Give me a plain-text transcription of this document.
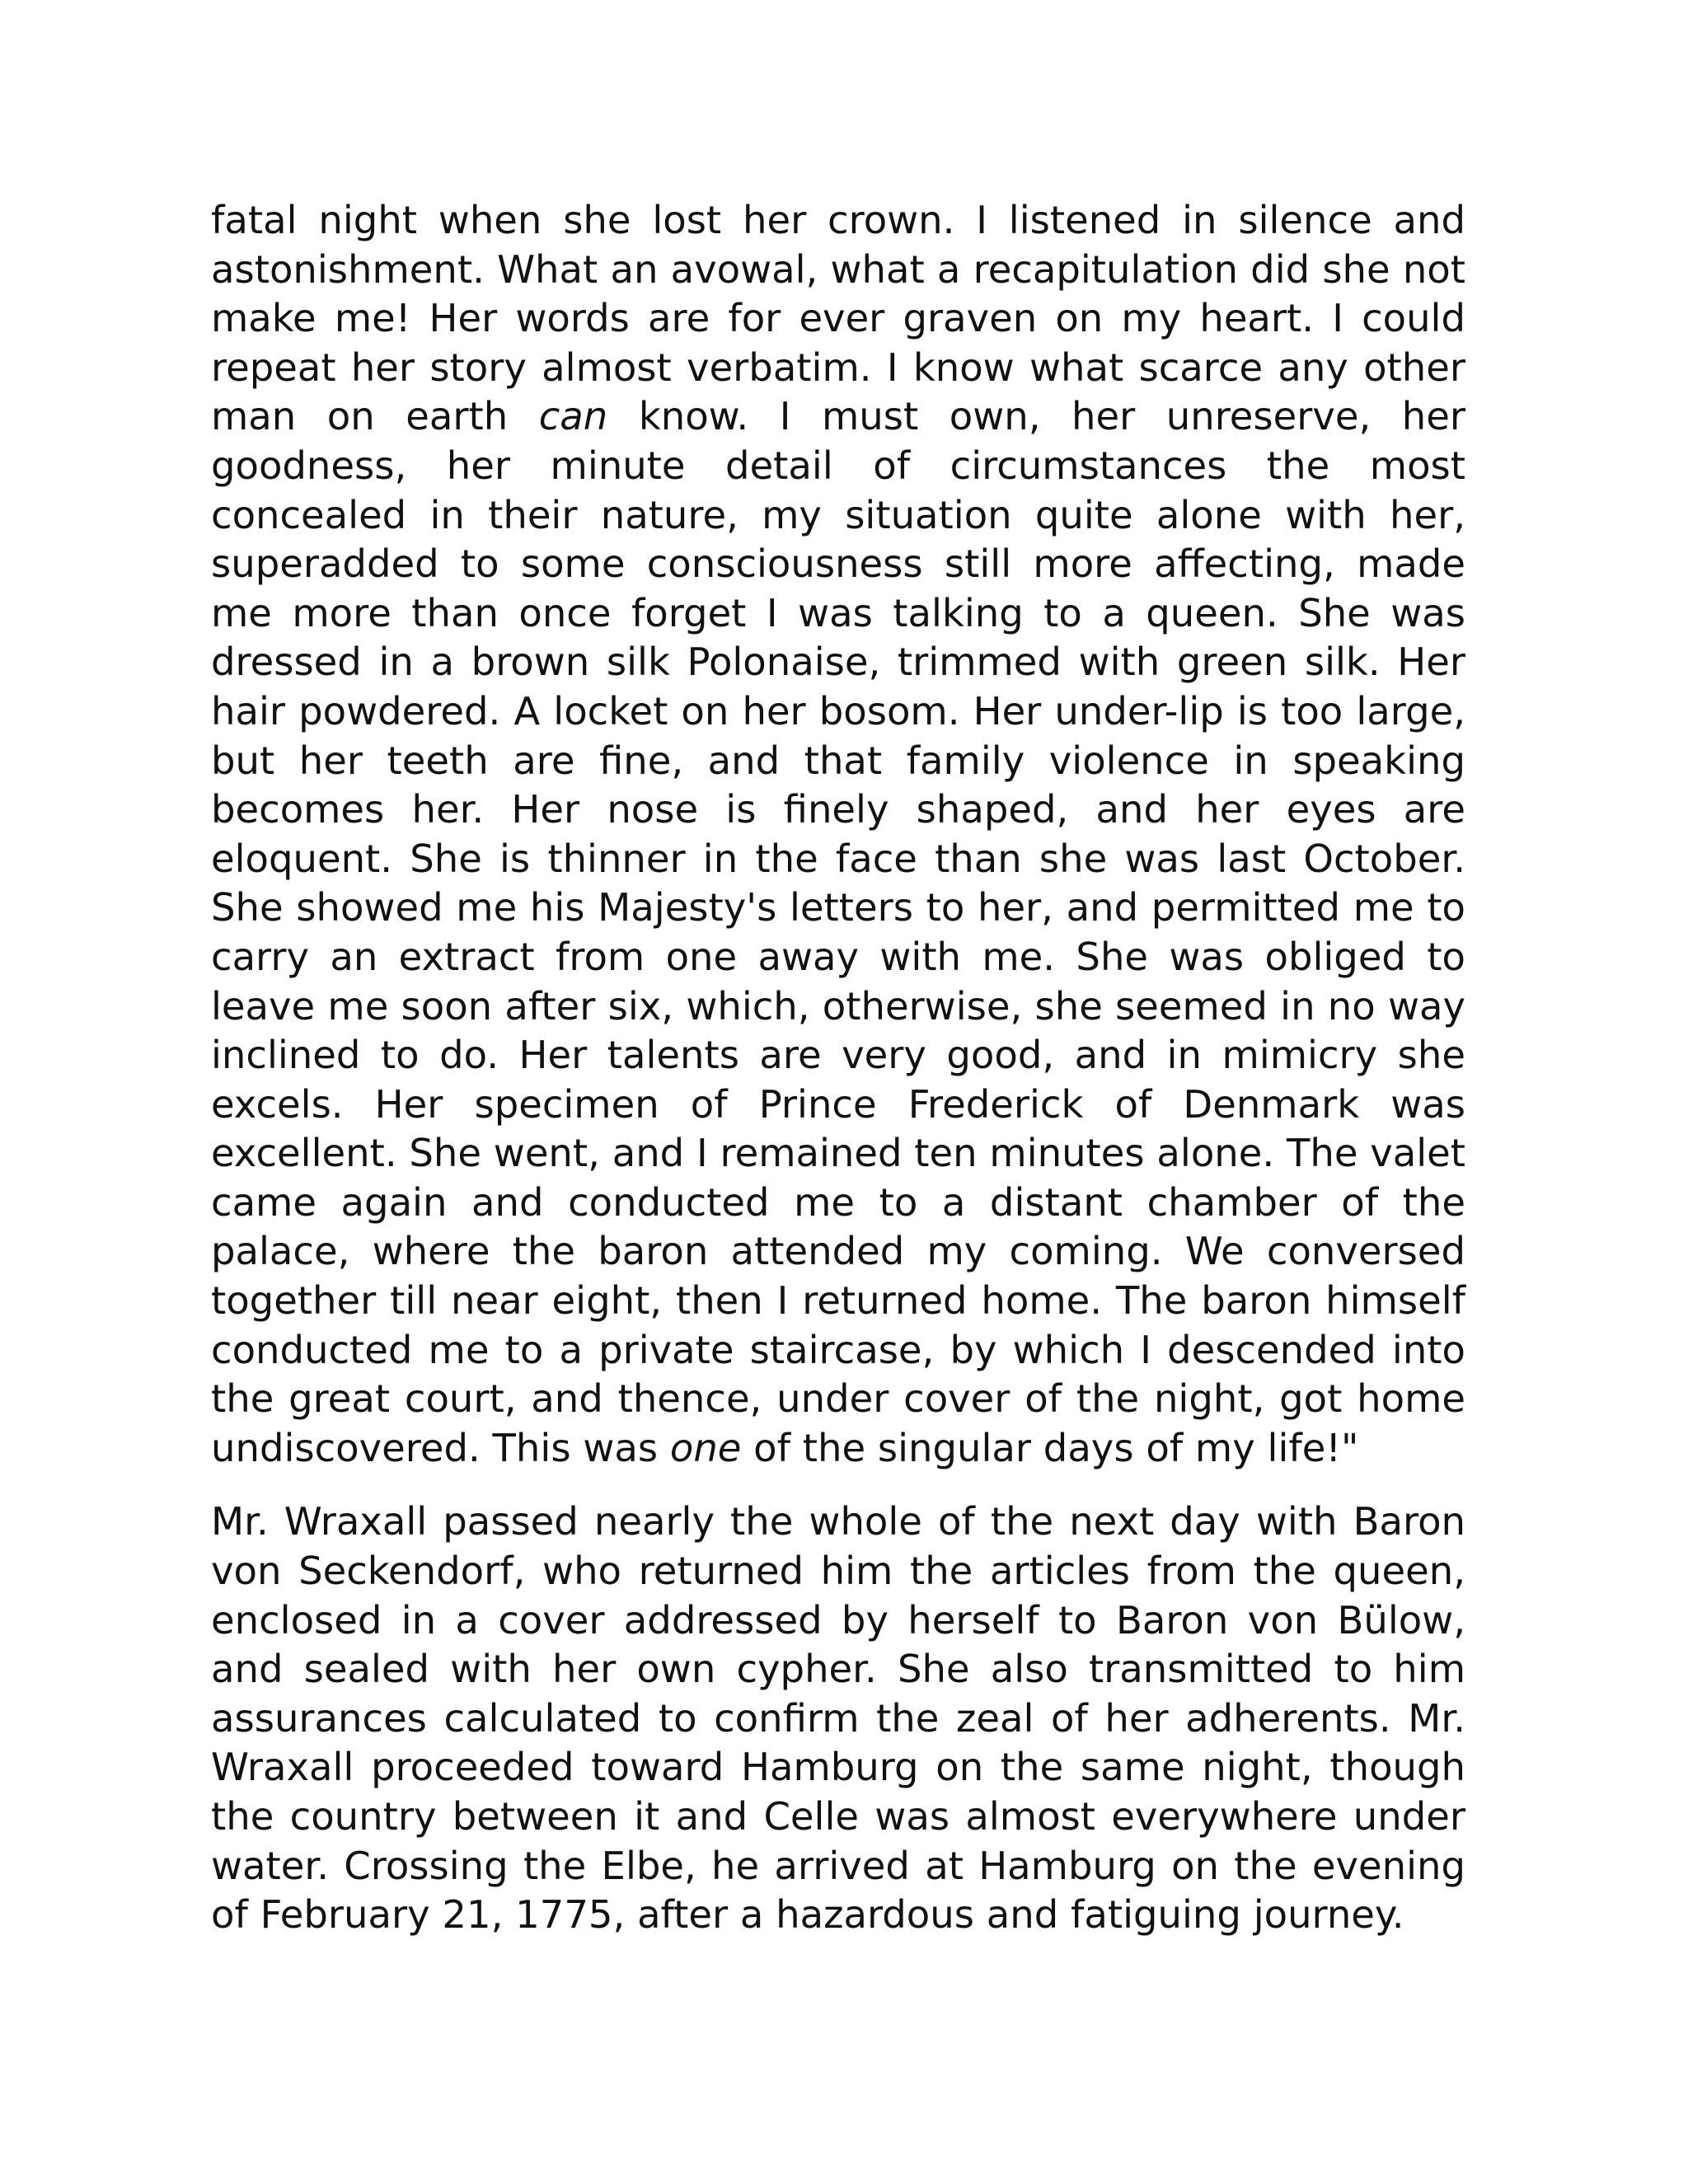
fatal night when she lost her crown. I listened in silence and astonishment. What an avowal, what a recapitulation did she not make me! Her words are for ever graven on my heart. I could repeat her story almost verbatim. I know what scarce any other man on earth can know. I must own, her unreserve, her goodness, her minute detail of circumstances the most concealed in their nature, my situation quite alone with her, superadded to some consciousness still more affecting, made me more than once forget I was talking to a queen. She was dressed in a brown silk Polonaise, trimmed with green silk. Her hair powdered. A locket on her bosom. Her under-lip is too large, but her teeth are fine, and that family violence in speaking becomes her. Her nose is finely shaped, and her eyes are eloquent. She is thinner in the face than she was last October. She showed me his Majesty's letters to her, and permitted me to carry an extract from one away with me. She was obliged to leave me soon after six, which, otherwise, she seemed in no way inclined to do. Her talents are very good, and in mimicry she excels. Her specimen of Prince Frederick of Denmark was excellent. She went, and I remained ten minutes alone. The valet came again and conducted me to a distant chamber of the palace, where the baron attended my coming. We conversed together till near eight, then I returned home. The baron himself conducted me to a private staircase, by which I descended into the great court, and thence, under cover of the night, got home undiscovered. This was one of the singular days of my life!"

Mr. Wraxall passed nearly the whole of the next day with Baron von Seckendorf, who returned him the articles from the queen, enclosed in a cover addressed by herself to Baron von Bülow, and sealed with her own cypher. She also transmitted to him assurances calculated to confirm the zeal of her adherents. Mr. Wraxall proceeded toward Hamburg on the same night, though the country between it and Celle was almost everywhere under water. Crossing the Elbe, he arrived at Hamburg on the evening of February 21, 1775, after a hazardous and fatiguing journey.
